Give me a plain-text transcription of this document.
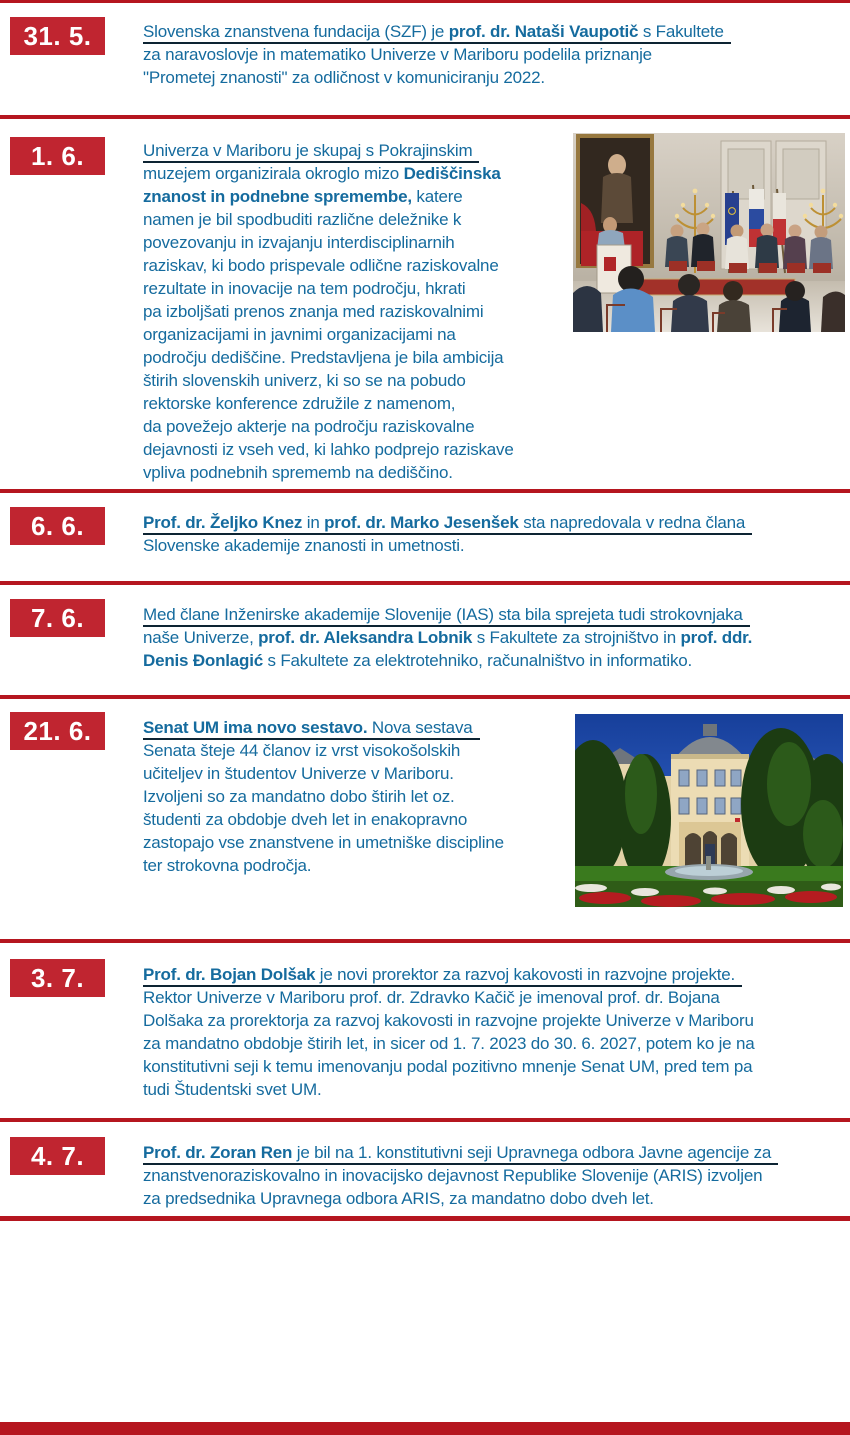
31. 5.	Slovenska znanstvena fundacija (SZF) je prof. dr. Nataši Vaupotič s Fakultete
za naravoslovje in matematiko Univerze v Mariboru podelila priznanje
"Prometej znanosti" za odličnost v komuniciranju 2022.
1. 6.	Univerza v Mariboru je skupaj s Pokrajinskim
muzejem organizirala okroglo mizo Dediščinska
znanost in podnebne spremembe, katere
namen je bil spodbuditi različne deležnike k
povezovanju in izvajanju interdisciplinarnih
raziskav, ki bodo prispevale odlične raziskovalne
rezultate in inovacije na tem področju, hkrati
pa izboljšati prenos znanja med raziskovalnimi
organizacijami in javnimi organizacijami na
področju dediščine. Predstavljena je bila ambicija
štirih slovenskih univerz, ki so se na pobudo
rektorske konference združile z namenom,
da povežejo akterje na področju raziskovalne
dejavnosti iz vseh ved, ki lahko podprejo raziskave
vpliva podnebnih sprememb na dediščino.
6. 6.	Prof. dr. Željko Knez in prof. dr. Marko Jesenšek sta napredovala v redna člana
Slovenske akademije znanosti in umetnosti.
7. 6.	Med člane Inženirske akademije Slovenije (IAS) sta bila sprejeta tudi strokovnjaka
naše Univerze, prof. dr. Aleksandra Lobnik s Fakultete za strojništvo in prof. ddr.
Denis Đonlagić s Fakultete za elektrotehniko, računalništvo in informatiko.
21. 6.	Senat UM ima novo sestavo. Nova sestava
Senata šteje 44 članov iz vrst visokošolskih
učiteljev in študentov Univerze v Mariboru.
Izvoljeni so za mandatno dobo štirih let oz.
študenti za obdobje dveh let in enakopravno
zastopajo vse znanstvene in umetniške discipline
ter strokovna področja.
3. 7.	Prof. dr. Bojan Dolšak je novi prorektor za razvoj kakovosti in razvojne projekte.
Rektor Univerze v Mariboru prof. dr. Zdravko Kačič je imenoval prof. dr. Bojana
Dolšaka za prorektorja za razvoj kakovosti in razvojne projekte Univerze v Mariboru
za mandatno obdobje štirih let, in sicer od 1. 7. 2023 do 30. 6. 2027, potem ko je na
konstitutivni seji k temu imenovanju podal pozitivno mnenje Senat UM, pred tem pa
tudi Študentski svet UM.
4. 7.	Prof. dr. Zoran Ren je bil na 1. konstitutivni seji Upravnega odbora Javne agencije za
znanstvenoraziskovalno in inovacijsko dejavnost Republike Slovenije (ARIS) izvoljen
za predsednika Upravnega odbora ARIS, za mandatno dobo dveh let.
